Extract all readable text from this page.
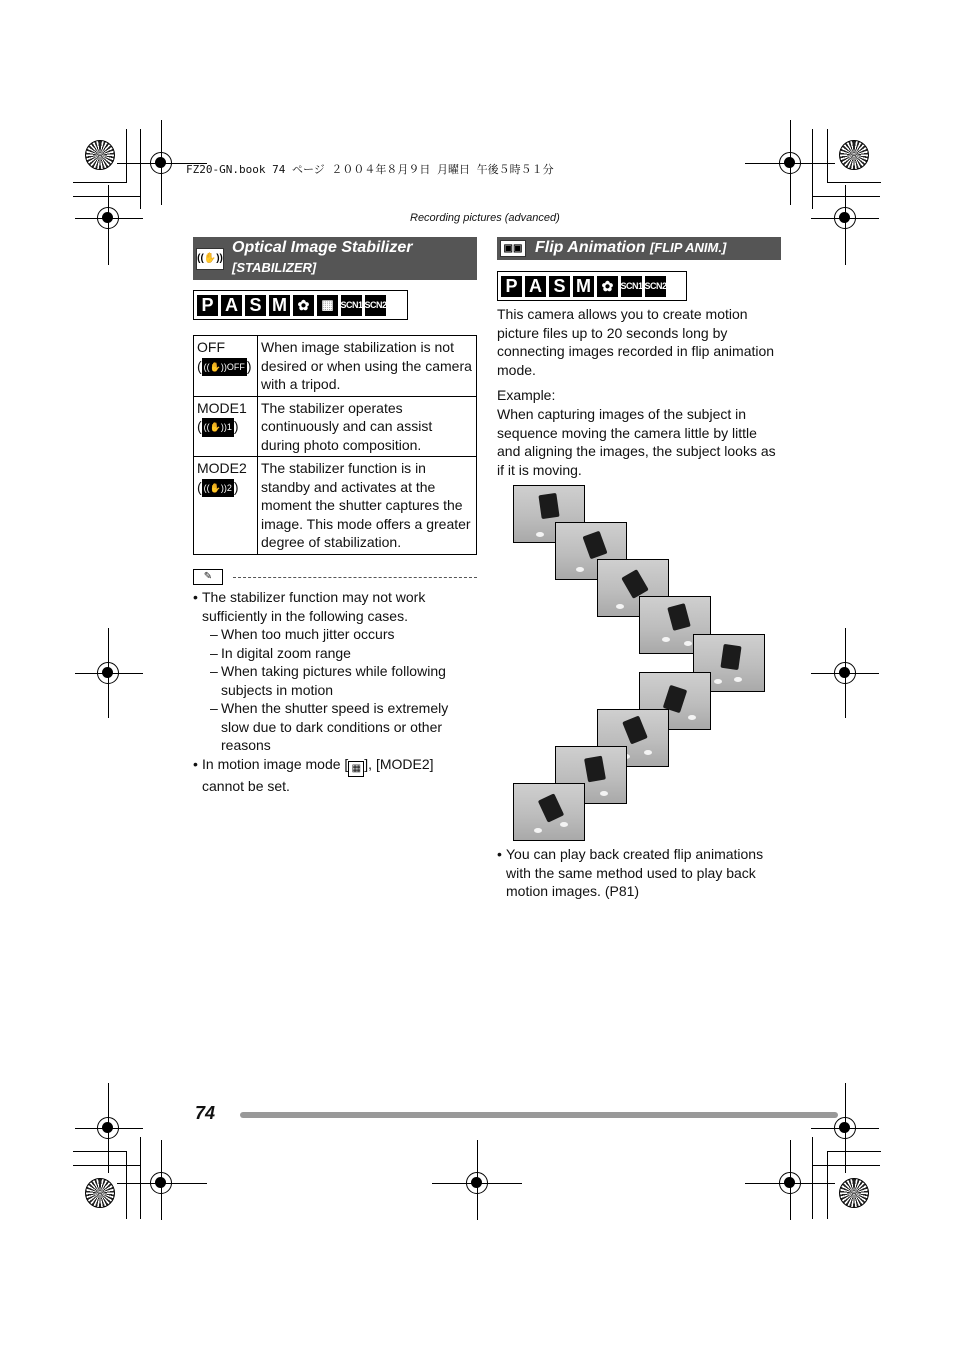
FZ20-GN.book 74 ページ ２００４年８月９日 月曜日 午後５時５１分
Recording pictures (advanced)
((✋))
Optical Image Stabilizer
[STABILIZER]
P A S M ✿ ▦ SCN1 SCN2
OFF
( ((✋))OFF )	When image stabilization is not desired or when using the camera with a tripod.

MODE1
( ((✋))1 )	The stabilizer operates continuously and can assist during photo composition.

MODE2
( ((✋))2 )	The stabilizer function is in standby and activates at the moment the shutter captures the image. This mode offers a greater degree of stabilization.
✎
• The stabilizer function may not work sufficiently in the following cases.
– When too much jitter occurs
– In digital zoom range
– When taking pictures while following subjects in motion
– When the shutter speed is extremely slow due to dark conditions or other reasons
• In motion image mode [ ▦ ], [MODE2] cannot be set.
▣▣ Flip Animation [FLIP ANIM.]
P A S M ✿ SCN1 SCN2
This camera allows you to create motion picture files up to 20 seconds long by connecting images recorded in flip animation mode.
Example:
When capturing images of the subject in sequence moving the camera little by little and aligning the images, the subject looks as if it is moving.
• You can play back created flip animations with the same method used to play back motion images. (P81)
74
